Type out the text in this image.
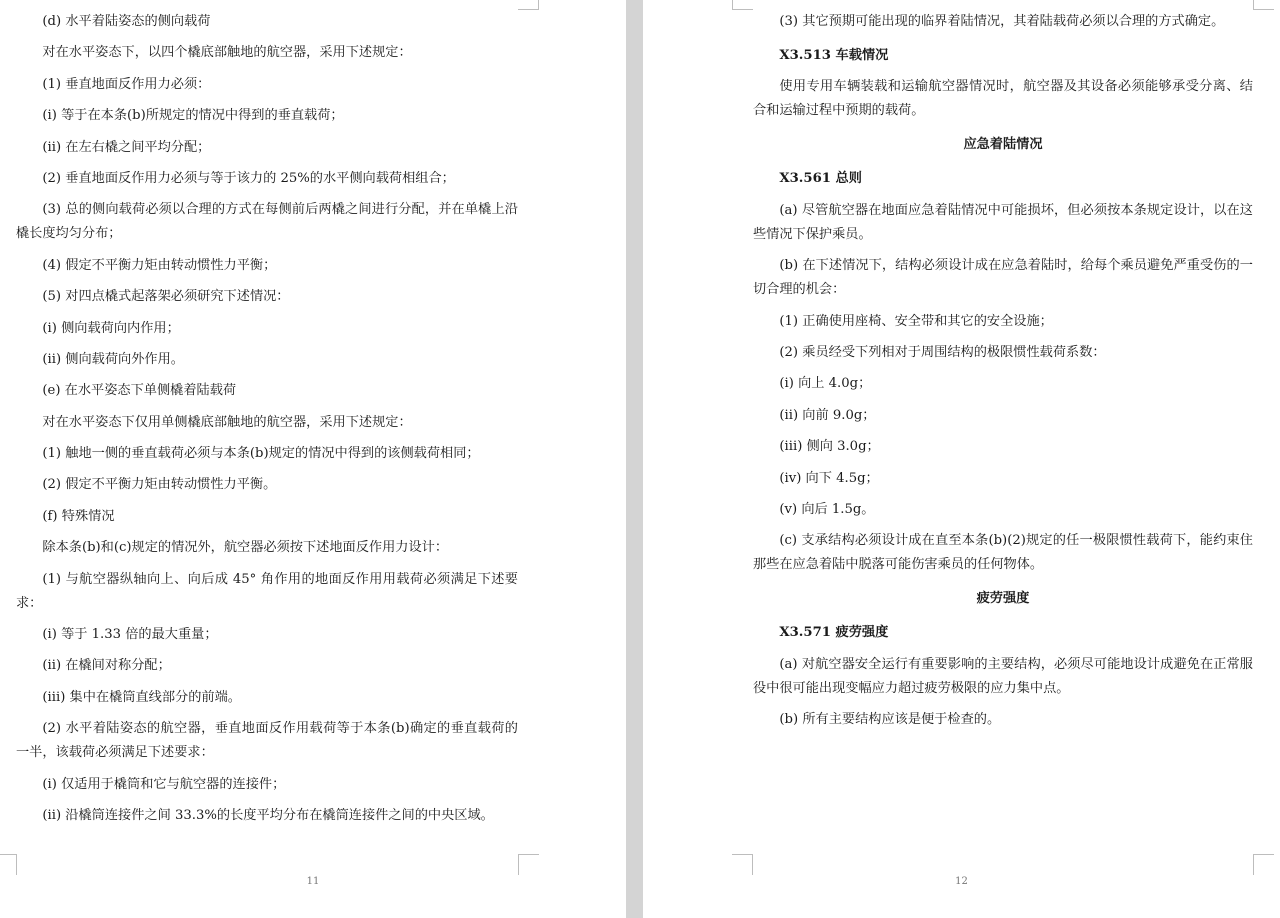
(d) 水平着陆姿态的侧向载荷

对在水平姿态下，以四个橇底部触地的航空器，采用下述规定：

(1) 垂直地面反作用力必须：

(i) 等于在本条(b)所规定的情况中得到的垂直载荷；

(ii) 在左右橇之间平均分配；

(2) 垂直地面反作用力必须与等于该力的 25%的水平侧向载荷相组合；

(3) 总的侧向载荷必须以合理的方式在每侧前后两橇之间进行分配，并在单橇上沿橇长度均匀分布；

(4) 假定不平衡力矩由转动惯性力平衡；

(5) 对四点橇式起落架必须研究下述情况：

(i) 侧向载荷向内作用；

(ii) 侧向载荷向外作用。

(e) 在水平姿态下单侧橇着陆载荷

对在水平姿态下仅用单侧橇底部触地的航空器，采用下述规定：

(1) 触地一侧的垂直载荷必须与本条(b)规定的情况中得到的该侧载荷相同；

(2) 假定不平衡力矩由转动惯性力平衡。

(f) 特殊情况

除本条(b)和(c)规定的情况外，航空器必须按下述地面反作用力设计：

(1) 与航空器纵轴向上、向后成 45° 角作用的地面反作用用载荷必须满足下述要求：

(i) 等于 1.33 倍的最大重量；

(ii) 在橇间对称分配；

(iii) 集中在橇筒直线部分的前端。

(2) 水平着陆姿态的航空器，垂直地面反作用载荷等于本条(b)确定的垂直载荷的一半，该载荷必须满足下述要求：

(i) 仅适用于橇筒和它与航空器的连接件；

(ii) 沿橇筒连接件之间 33.3%的长度平均分布在橇筒连接件之间的中央区域。

11

(3) 其它预期可能出现的临界着陆情况，其着陆载荷必须以合理的方式确定。

X3.513 车载情况

使用专用车辆装载和运输航空器情况时，航空器及其设备必须能够承受分离、结合和运输过程中预期的载荷。

应急着陆情况

X3.561 总则

(a) 尽管航空器在地面应急着陆情况中可能损坏，但必须按本条规定设计，以在这些情况下保护乘员。

(b) 在下述情况下，结构必须设计成在应急着陆时，给每个乘员避免严重受伤的一切合理的机会：

(1) 正确使用座椅、安全带和其它的安全设施；

(2) 乘员经受下列相对于周围结构的极限惯性载荷系数：

(i) 向上 4.0g；

(ii) 向前 9.0g；

(iii) 侧向 3.0g；

(iv) 向下 4.5g；

(v) 向后 1.5g。

(c) 支承结构必须设计成在直至本条(b)(2)规定的任一极限惯性载荷下，能约束住那些在应急着陆中脱落可能伤害乘员的任何物体。

疲劳强度

X3.571 疲劳强度

(a) 对航空器安全运行有重要影响的主要结构，必须尽可能地设计成避免在正常服役中很可能出现变幅应力超过疲劳极限的应力集中点。

(b) 所有主要结构应该是便于检查的。

12
